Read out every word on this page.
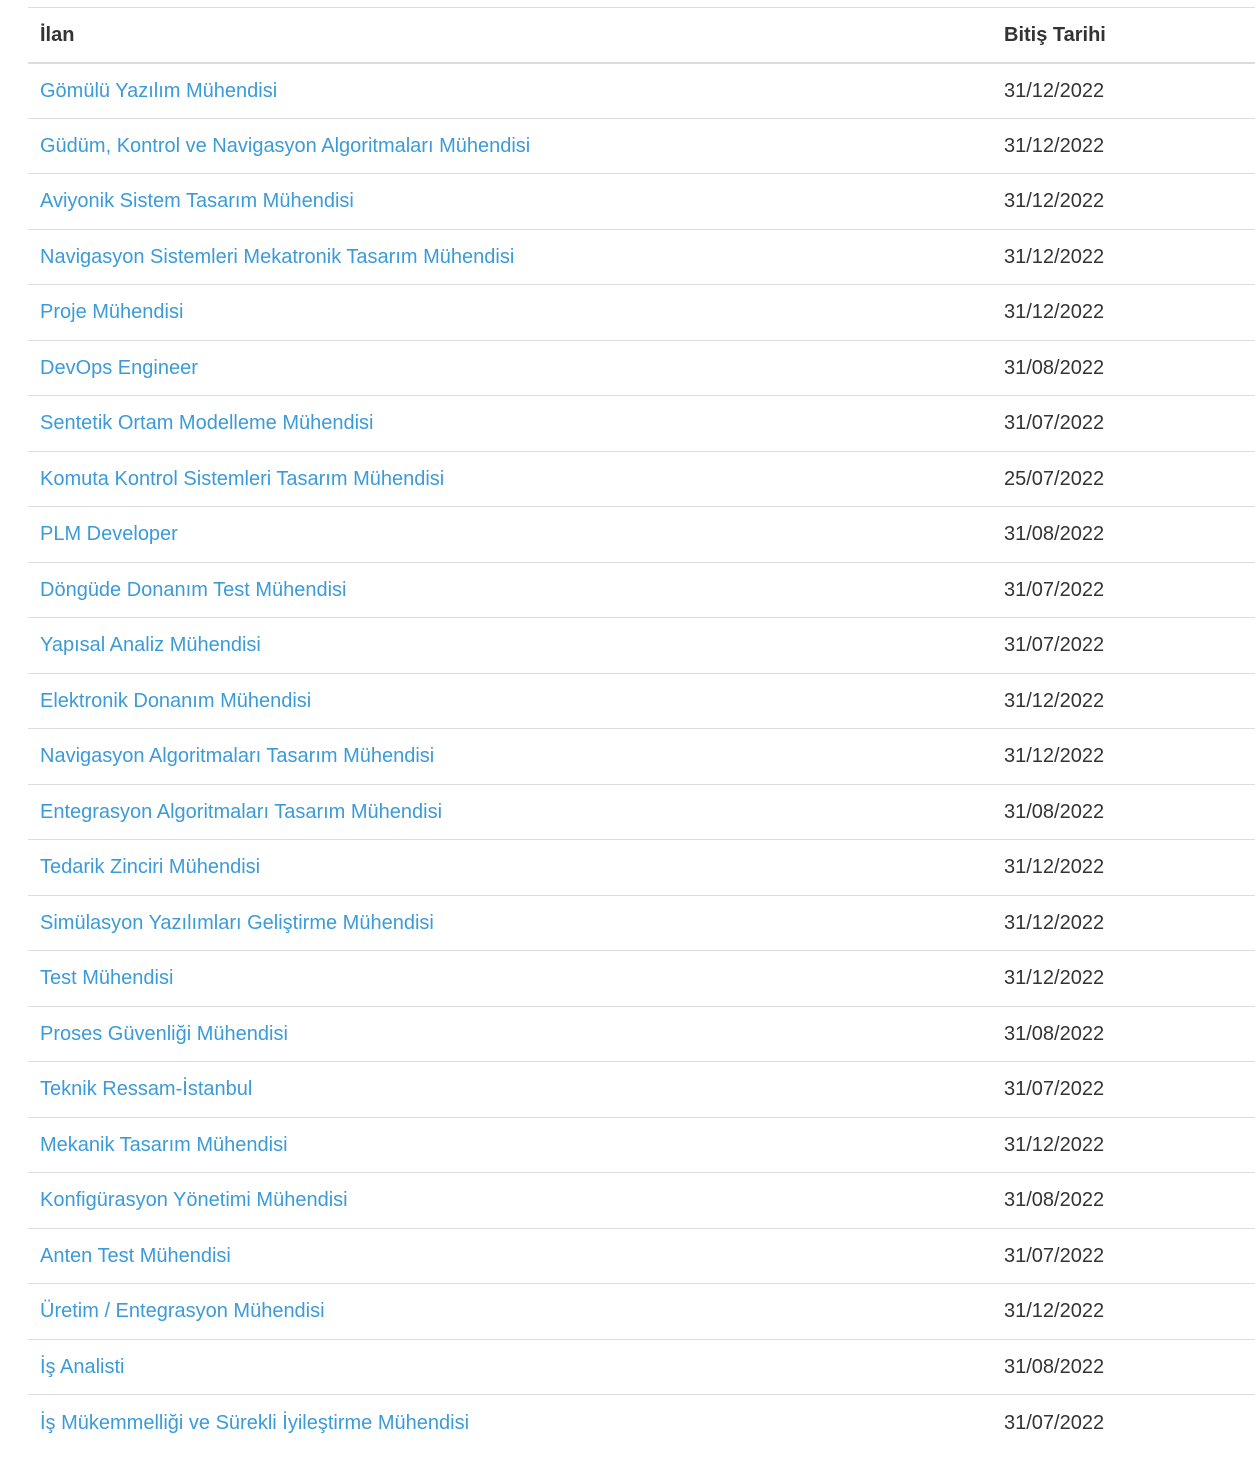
İlan	Bitiş Tarihi
Gömülü Yazılım Mühendisi	31/12/2022
Güdüm, Kontrol ve Navigasyon Algoritmaları Mühendisi	31/12/2022
Aviyonik Sistem Tasarım Mühendisi	31/12/2022
Navigasyon Sistemleri Mekatronik Tasarım Mühendisi	31/12/2022
Proje Mühendisi	31/12/2022
DevOps Engineer	31/08/2022
Sentetik Ortam Modelleme Mühendisi	31/07/2022
Komuta Kontrol Sistemleri Tasarım Mühendisi	25/07/2022
PLM Developer	31/08/2022
Döngüde Donanım Test Mühendisi	31/07/2022
Yapısal Analiz Mühendisi	31/07/2022
Elektronik Donanım Mühendisi	31/12/2022
Navigasyon Algoritmaları Tasarım Mühendisi	31/12/2022
Entegrasyon Algoritmaları Tasarım Mühendisi	31/08/2022
Tedarik Zinciri Mühendisi	31/12/2022
Simülasyon Yazılımları Geliştirme Mühendisi	31/12/2022
Test Mühendisi	31/12/2022
Proses Güvenliği Mühendisi	31/08/2022
Teknik Ressam-İstanbul	31/07/2022
Mekanik Tasarım Mühendisi	31/12/2022
Konfigürasyon Yönetimi Mühendisi	31/08/2022
Anten Test Mühendisi	31/07/2022
Üretim / Entegrasyon Mühendisi	31/12/2022
İş Analisti	31/08/2022
İş Mükemmelliği ve Sürekli İyileştirme Mühendisi	31/07/2022
